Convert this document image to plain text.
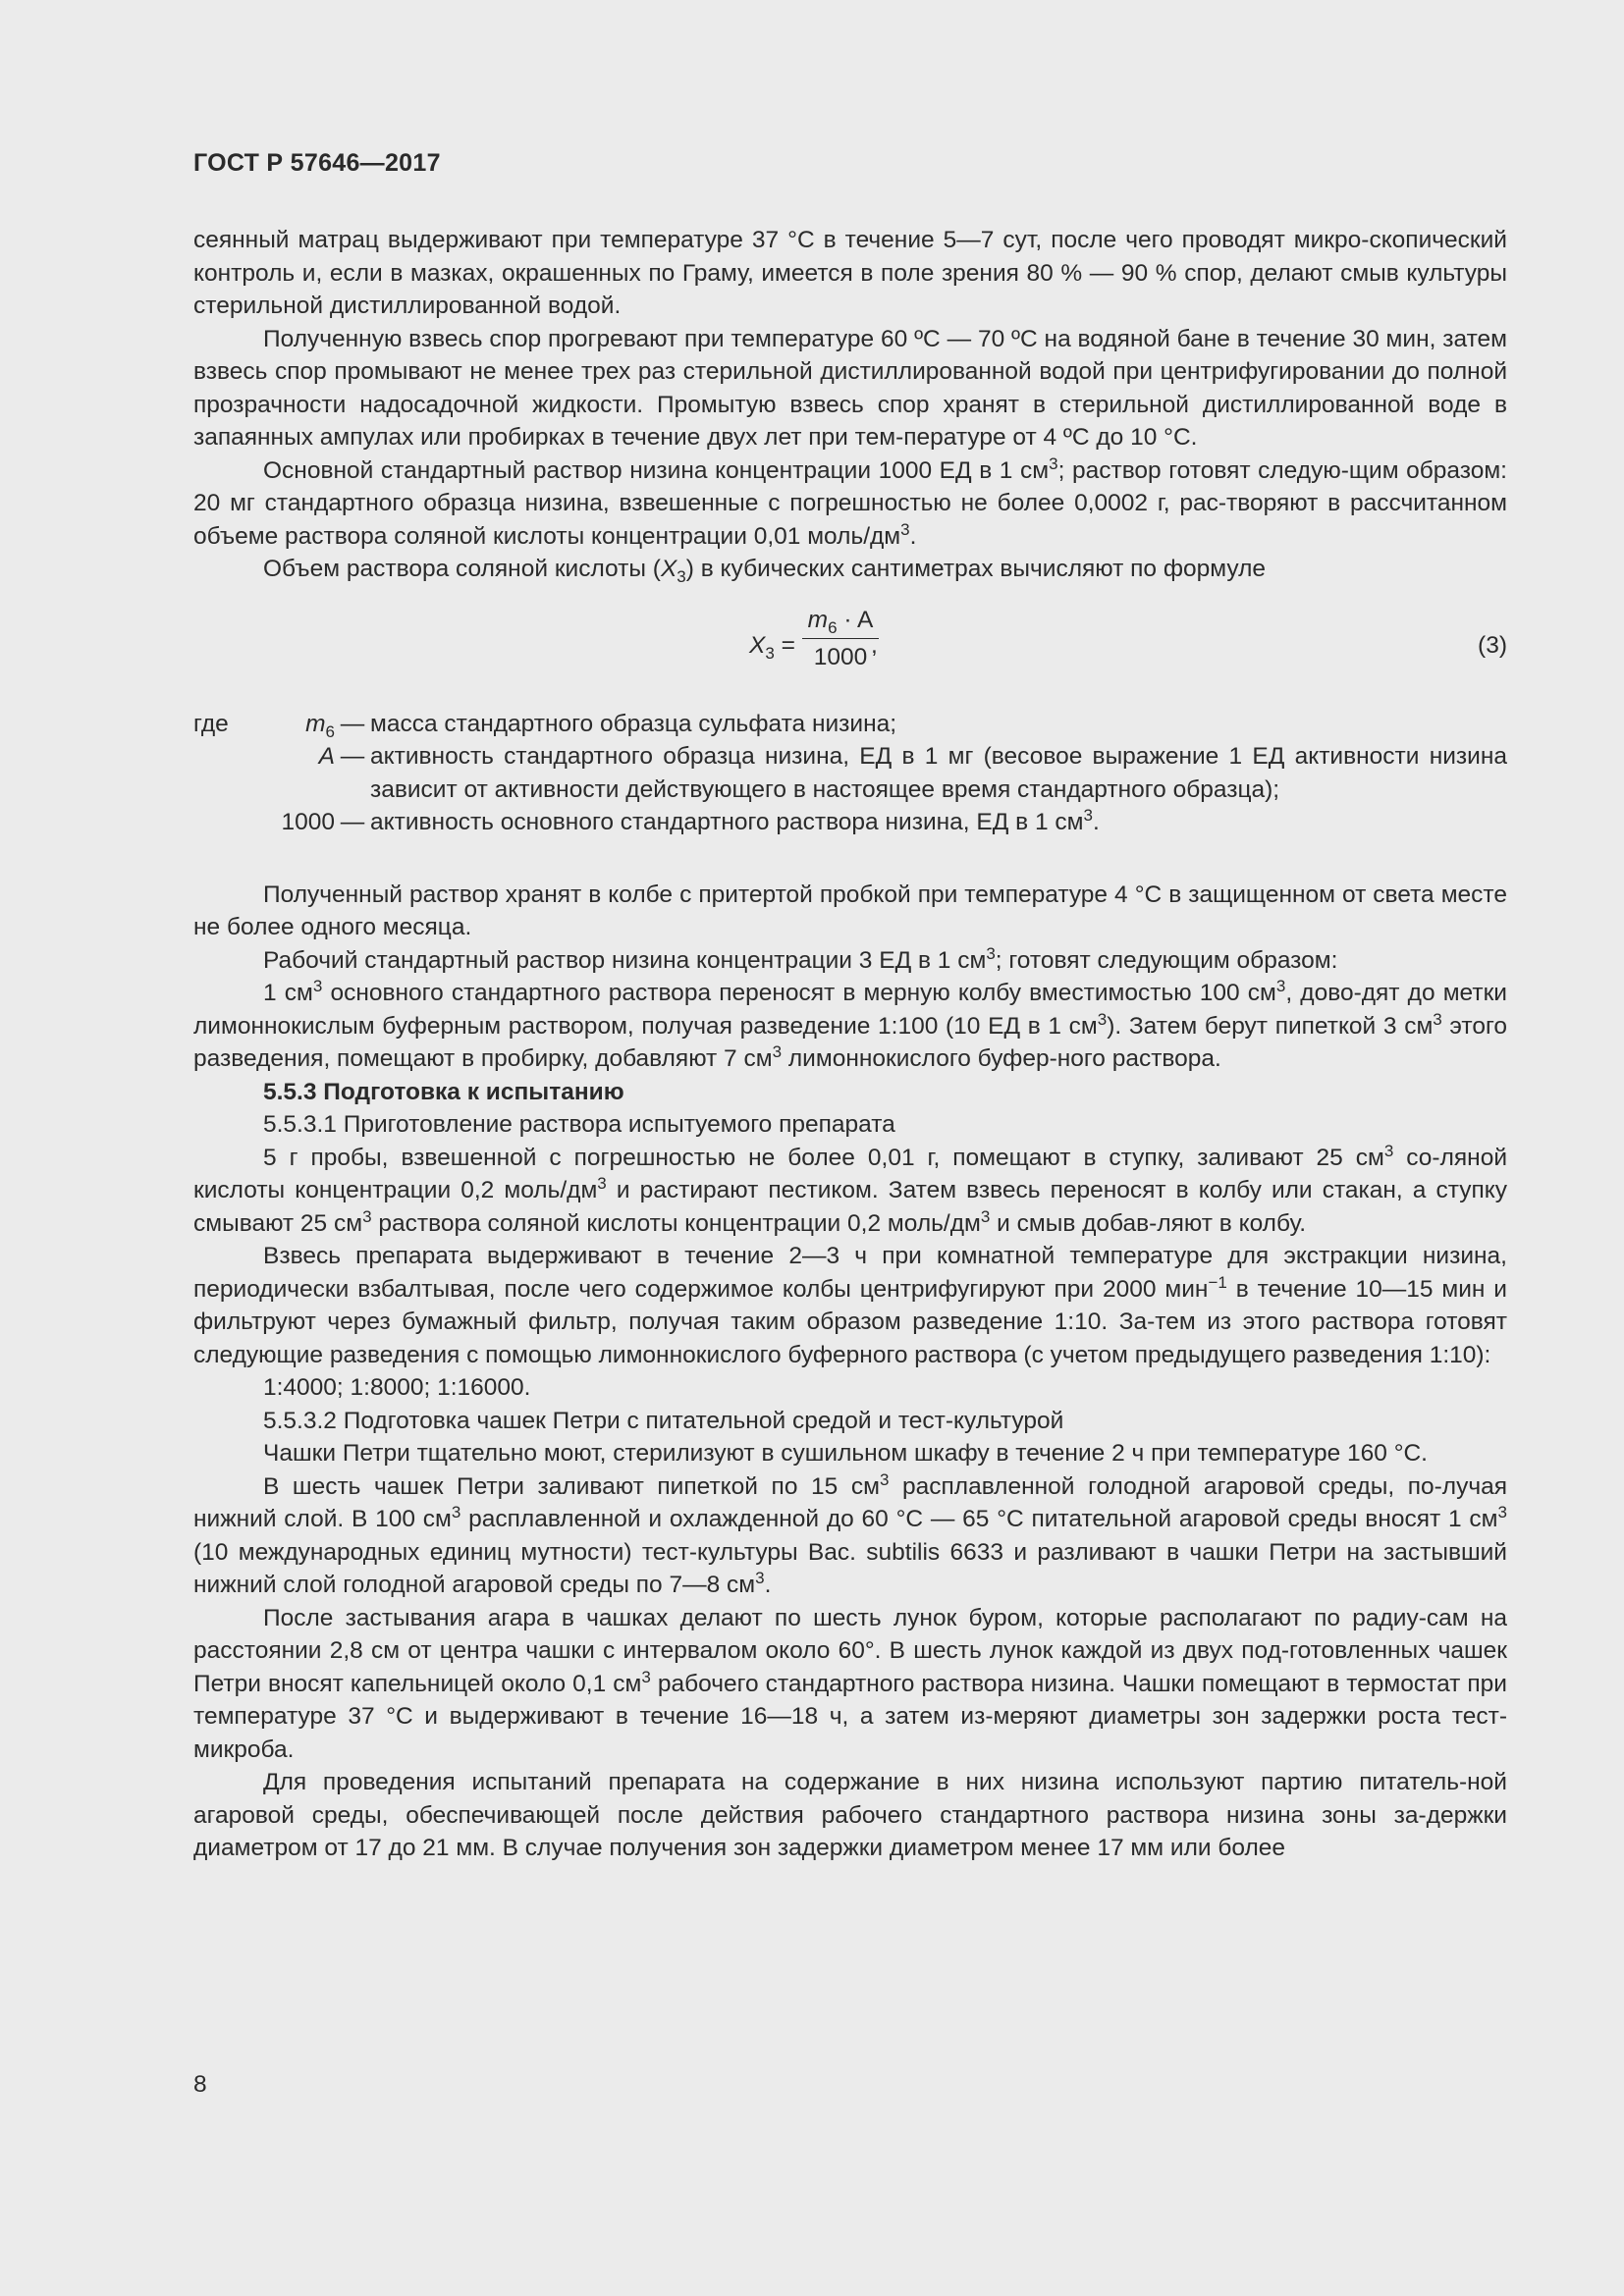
ГОСТ Р 57646—2017

сеянный матрац выдерживают при температуре 37 °С в течение 5—7 сут, после чего проводят микро-скопический контроль и, если в мазках, окрашенных по Граму, имеется в поле зрения 80 % — 90 % спор, делают смыв культуры стерильной дистиллированной водой.

Полученную взвесь спор прогревают при температуре 60 ºС — 70 ºС на водяной бане в течение 30 мин, затем взвесь спор промывают не менее трех раз стерильной дистиллированной водой при центрифугировании до полной прозрачности надосадочной жидкости. Промытую взвесь спор хранят в стерильной дистиллированной воде в запаянных ампулах или пробирках в течение двух лет при тем-пературе от 4 ºС до 10 °С.

Основной стандартный раствор низина концентрации 1000 ЕД в 1 $см^3$; раствор готовят следую-щим образом: 20 мг стандартного образца низина, взвешенные с погрешностью не более 0,0002 г, рас-творяют в рассчитанном объеме раствора соляной кислоты концентрации 0,01 моль/$дм^3$.

Объем раствора соляной кислоты $(X_3)$ в кубических сантиметрах вычисляют по формуле

$X_3$ =
$m_6 \cdot A$
1000 ,	(3)
где	$m_6$ — масса стандартного образца сульфата низина;
A — активность стандартного образца низина, ЕД в 1 мг (весовое выражение 1 ЕД активности низина зависит от активности действующего в настоящее время стандартного образца);
1000 — активность основного стандартного раствора низина, ЕД в 1 $см^3$.

Полученный раствор хранят в колбе с притертой пробкой при температуре 4 °С в защищенном от света месте не более одного месяца.

Рабочий стандартный раствор низина концентрации 3 ЕД в 1 $см^3$; готовят следующим образом:

1 $см^3$ основного стандартного раствора переносят в мерную колбу вместимостью 100 $см^3$, дово-дят до метки лимоннокислым буферным раствором, получая разведение 1:100 (10 ЕД в 1 $см^3$). Затем берут пипеткой 3 $см^3$ этого разведения, помещают в пробирку, добавляют 7 $см^3$ лимоннокислого буфер-ного раствора.

5.5.3 Подготовка к испытанию

5.5.3.1 Приготовление раствора испытуемого препарата

5 г пробы, взвешенной с погрешностью не более 0,01 г, помещают в ступку, заливают 25 $см^3$ со-ляной кислоты концентрации 0,2 моль/$дм^3$ и растирают пестиком. Затем взвесь переносят в колбу или стакан, а ступку смывают 25 $см^3$ раствора соляной кислоты концентрации 0,2 моль/$дм^3$ и смыв добав-ляют в колбу.

Взвесь препарата выдерживают в течение 2—3 ч при комнатной температуре для экстракции низина, периодически взбалтывая, после чего содержимое колбы центрифугируют при 2000 мин$^{-1}$ в течение 10—15 мин и фильтруют через бумажный фильтр, получая таким образом разведение 1:10. За-тем из этого раствора готовят следующие разведения с помощью лимоннокислого буферного раствора (с учетом предыдущего разведения 1:10):

1:4000; 1:8000; 1:16000.

5.5.3.2 Подготовка чашек Петри с питательной средой и тест-культурой

Чашки Петри тщательно моют, стерилизуют в сушильном шкафу в течение 2 ч при температуре 160 °С.

В шесть чашек Петри заливают пипеткой по 15 $см^3$ расплавленной голодной агаровой среды, по-лучая нижний слой. В 100 $см^3$ расплавленной и охлажденной до 60 °С — 65 °С питательной агаровой среды вносят 1 $см^3$ (10 международных единиц мутности) тест-культуры Bac. subtilis 6633 и разливают в чашки Петри на застывший нижний слой голодной агаровой среды по 7—8 $см^3$.

После застывания агара в чашках делают по шесть лунок буром, которые располагают по радиу-сам на расстоянии 2,8 см от центра чашки с интервалом около 60°. В шесть лунок каждой из двух под-готовленных чашек Петри вносят капельницей около 0,1 $см^3$ рабочего стандартного раствора низина. Чашки помещают в термостат при температуре 37 °С и выдерживают в течение 16—18 ч, а затем из-меряют диаметры зон задержки роста тест-микроба.

Для проведения испытаний препарата на содержание в них низина используют партию питатель-ной агаровой среды, обеспечивающей после действия рабочего стандартного раствора низина зоны за-держки диаметром от 17 до 21 мм. В случае получения зон задержки диаметром менее 17 мм или более

8
